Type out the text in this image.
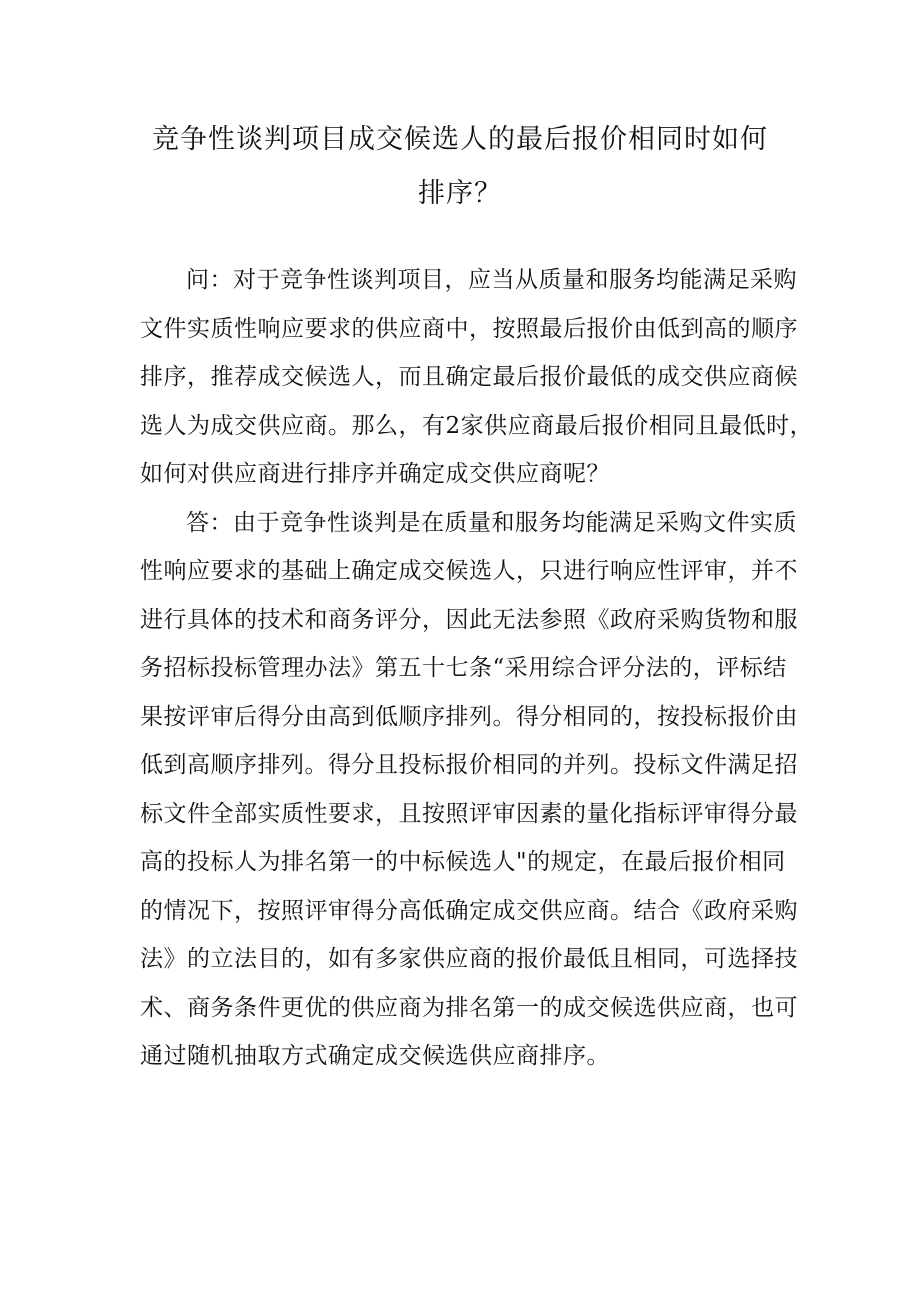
竞争性谈判项目成交候选人的最后报价相同时如何
排序？
问：对于竞争性谈判项目，应当从质量和服务均能满足采购
文件实质性响应要求的供应商中，按照最后报价由低到高的顺序
排序，推荐成交候选人，而且确定最后报价最低的成交供应商候
选人为成交供应商。那么，有2家供应商最后报价相同且最低时，
如何对供应商进行排序并确定成交供应商呢？
答：由于竞争性谈判是在质量和服务均能满足采购文件实质
性响应要求的基础上确定成交候选人，只进行响应性评审，并不
进行具体的技术和商务评分，因此无法参照《政府采购货物和服
务招标投标管理办法》第五十七条“采用综合评分法的，评标结
果按评审后得分由高到低顺序排列。得分相同的，按投标报价由
低到高顺序排列。得分且投标报价相同的并列。投标文件满足招
标文件全部实质性要求，且按照评审因素的量化指标评审得分最
高的投标人为排名第一的中标候选人"的规定，在最后报价相同
的情况下，按照评审得分高低确定成交供应商。结合《政府采购
法》的立法目的，如有多家供应商的报价最低且相同，可选择技
术、商务条件更优的供应商为排名第一的成交候选供应商，也可
通过随机抽取方式确定成交候选供应商排序。
